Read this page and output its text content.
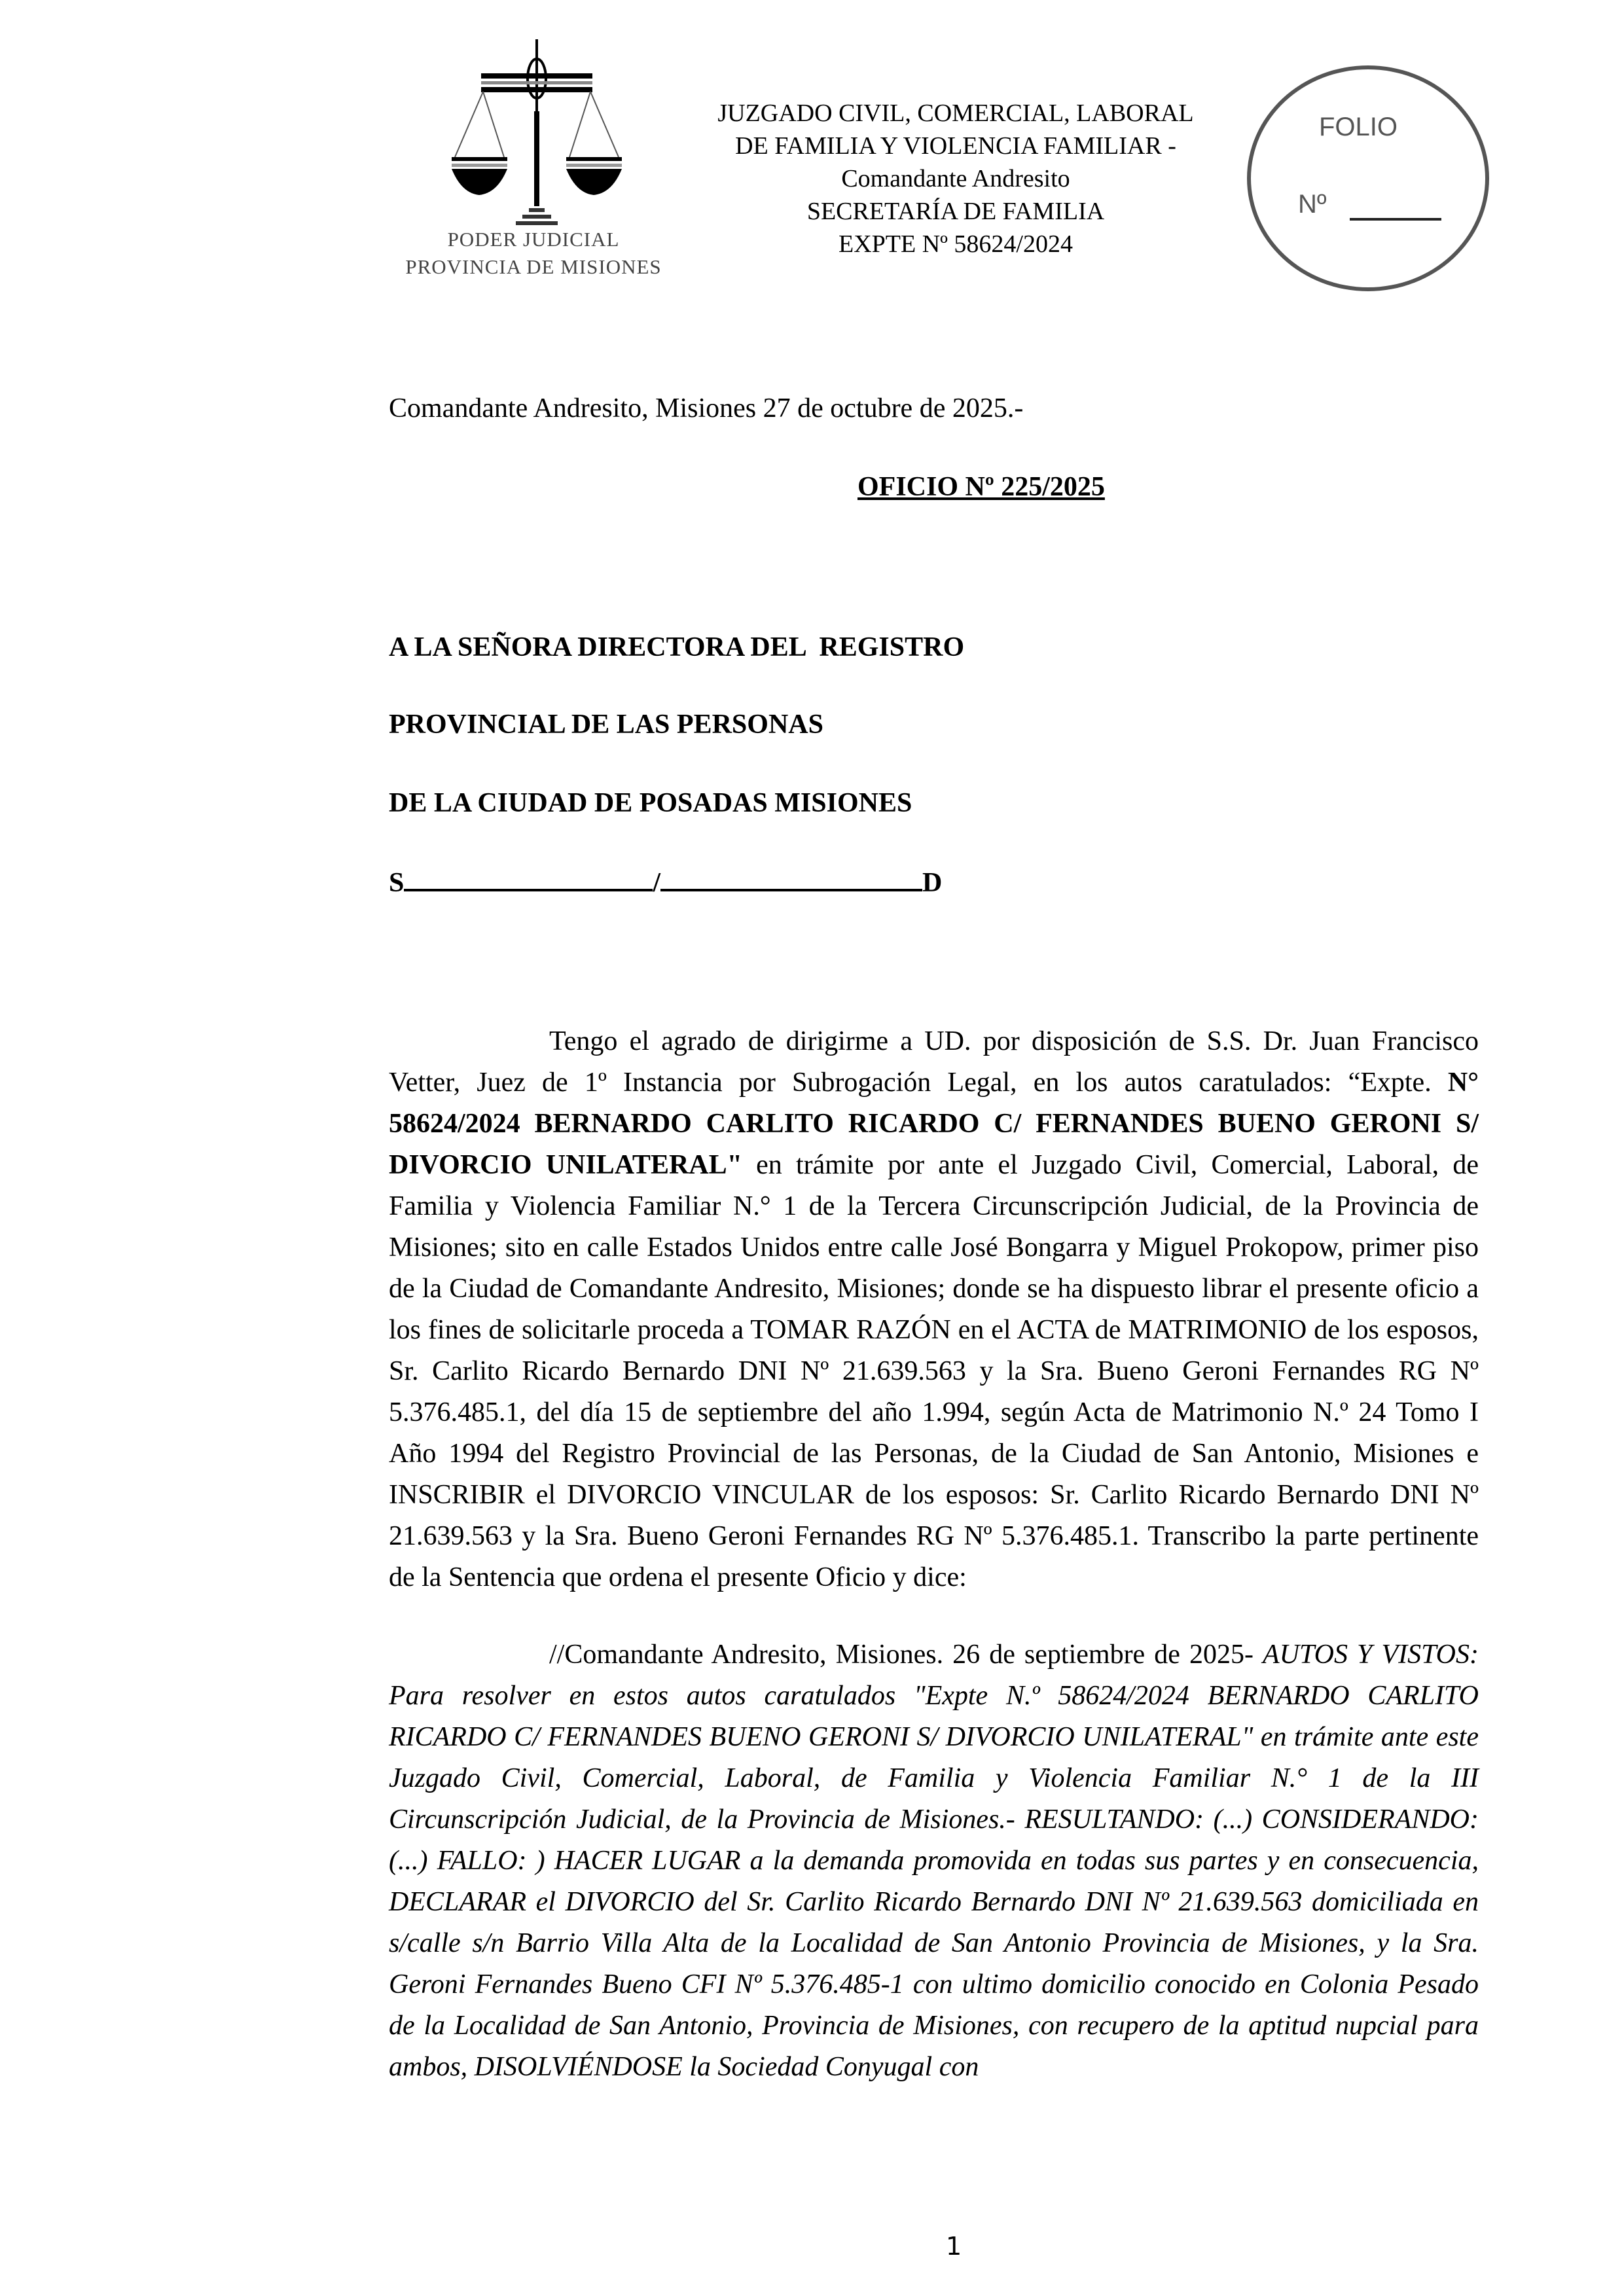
PODER JUDICIAL
PROVINCIA DE MISIONES
JUZGADO CIVIL, COMERCIAL, LABORAL
DE FAMILIA Y VIOLENCIA FAMILIAR -
Comandante Andresito
SECRETARÍA DE FAMILIA
EXPTE Nº 58624/2024
FOLIO
Nº
Comandante Andresito, Misiones 27 de octubre de 2025.-
OFICIO Nº 225/2025
A LA SEÑORA DIRECTORA DEL  REGISTRO
PROVINCIAL DE LAS PERSONAS
DE LA CIUDAD DE POSADAS MISIONES
S	/	D
Tengo el agrado de dirigirme a UD. por disposición de S.S. Dr. Juan Francisco Vetter, Juez de 1º Instancia por Subrogación Legal, en los autos caratulados: “Expte. N° 58624/2024 BERNARDO CARLITO RICARDO C/ FERNANDES BUENO GERONI S/ DIVORCIO UNILATERAL" en trámite por ante el Juzgado Civil, Comercial, Laboral, de Familia y Violencia Familiar N.° 1 de la Tercera Circunscripción Judicial, de la Provincia de Misiones; sito en calle Estados Unidos entre calle José Bongarra y Miguel Prokopow, primer piso de la Ciudad de Comandante Andresito, Misiones; donde se ha dispuesto librar el presente oficio a los fines de solicitarle proceda a TOMAR RAZÓN en el ACTA de MATRIMONIO de los esposos, Sr. Carlito Ricardo Bernardo DNI Nº 21.639.563 y la Sra. Bueno Geroni Fernandes RG Nº 5.376.485.1, del día 15 de septiembre del año 1.994, según Acta de Matrimonio N.º 24 Tomo I Año 1994 del Registro Provincial de las Personas, de la Ciudad de San Antonio, Misiones e INSCRIBIR el DIVORCIO VINCULAR de los esposos: Sr. Carlito Ricardo Bernardo DNI Nº 21.639.563 y la Sra. Bueno Geroni Fernandes RG Nº 5.376.485.1. Transcribo la parte pertinente de la Sentencia que ordena el presente Oficio y dice:
//Comandante Andresito, Misiones. 26 de septiembre de 2025- AUTOS Y VISTOS: Para resolver en estos autos caratulados "Expte N.º 58624/2024 BERNARDO CARLITO RICARDO C/ FERNANDES BUENO GERONI S/ DIVORCIO UNILATERAL" en trámite ante este Juzgado Civil, Comercial, Laboral, de Familia y Violencia Familiar N.° 1 de la III Circunscripción Judicial, de la Provincia de Misiones.- RESULTANDO: (...) CONSIDERANDO: (...) FALLO: ) HACER LUGAR a la demanda promovida en todas sus partes y en consecuencia, DECLARAR el DIVORCIO del Sr. Carlito Ricardo Bernardo DNI Nº 21.639.563 domiciliada en s/calle s/n Barrio Villa Alta de la Localidad de San Antonio Provincia de Misiones, y la Sra. Geroni Fernandes Bueno CFI Nº 5.376.485-1 con ultimo domicilio conocido en Colonia Pesado de la Localidad de San Antonio, Provincia de Misiones, con recupero de la aptitud nupcial para ambos, DISOLVIÉNDOSE la Sociedad Conyugal con
1
